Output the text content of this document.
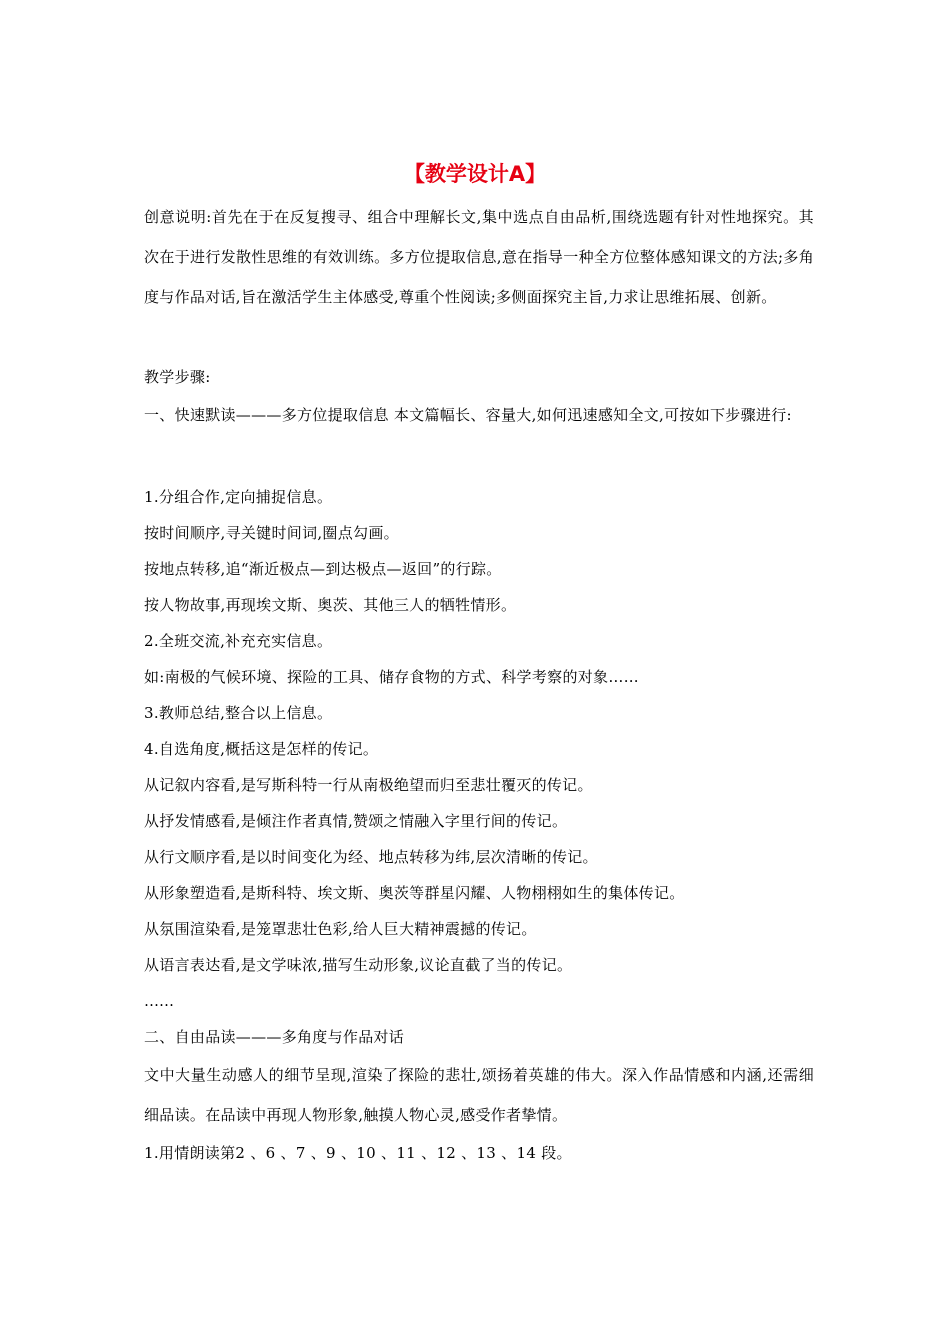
【教学设计A】

创意说明:首先在于在反复搜寻、组合中理解长文,集中选点自由品析,围绕选题有针对性地探究。其次在于进行发散性思维的有效训练。多方位提取信息,意在指导一种全方位整体感知课文的方法;多角度与作品对话,旨在激活学生主体感受,尊重个性阅读;多侧面探究主旨,力求让思维拓展、创新。

教学步骤:

一、快速默读———多方位提取信息 本文篇幅长、容量大,如何迅速感知全文,可按如下步骤进行:

1.分组合作,定向捕捉信息。

按时间顺序,寻关键时间词,圈点勾画。

按地点转移,追“渐近极点—到达极点—返回”的行踪。

按人物故事,再现埃文斯、奥茨、其他三人的牺牲情形。

2.全班交流,补充充实信息。

如:南极的气候环境、探险的工具、储存食物的方式、科学考察的对象……

3.教师总结,整合以上信息。

4.自选角度,概括这是怎样的传记。

从记叙内容看,是写斯科特一行从南极绝望而归至悲壮覆灭的传记。

从抒发情感看,是倾注作者真情,赞颂之情融入字里行间的传记。

从行文顺序看,是以时间变化为经、地点转移为纬,层次清晰的传记。

从形象塑造看,是斯科特、埃文斯、奥茨等群星闪耀、人物栩栩如生的集体传记。

从氛围渲染看,是笼罩悲壮色彩,给人巨大精神震撼的传记。

从语言表达看,是文学味浓,描写生动形象,议论直截了当的传记。

……

二、自由品读———多角度与作品对话

文中大量生动感人的细节呈现,渲染了探险的悲壮,颂扬着英雄的伟大。深入作品情感和内涵,还需细细品读。在品读中再现人物形象,触摸人物心灵,感受作者挚情。

1.用情朗读第2 、6 、7 、9 、10 、11 、12 、13 、14 段。
